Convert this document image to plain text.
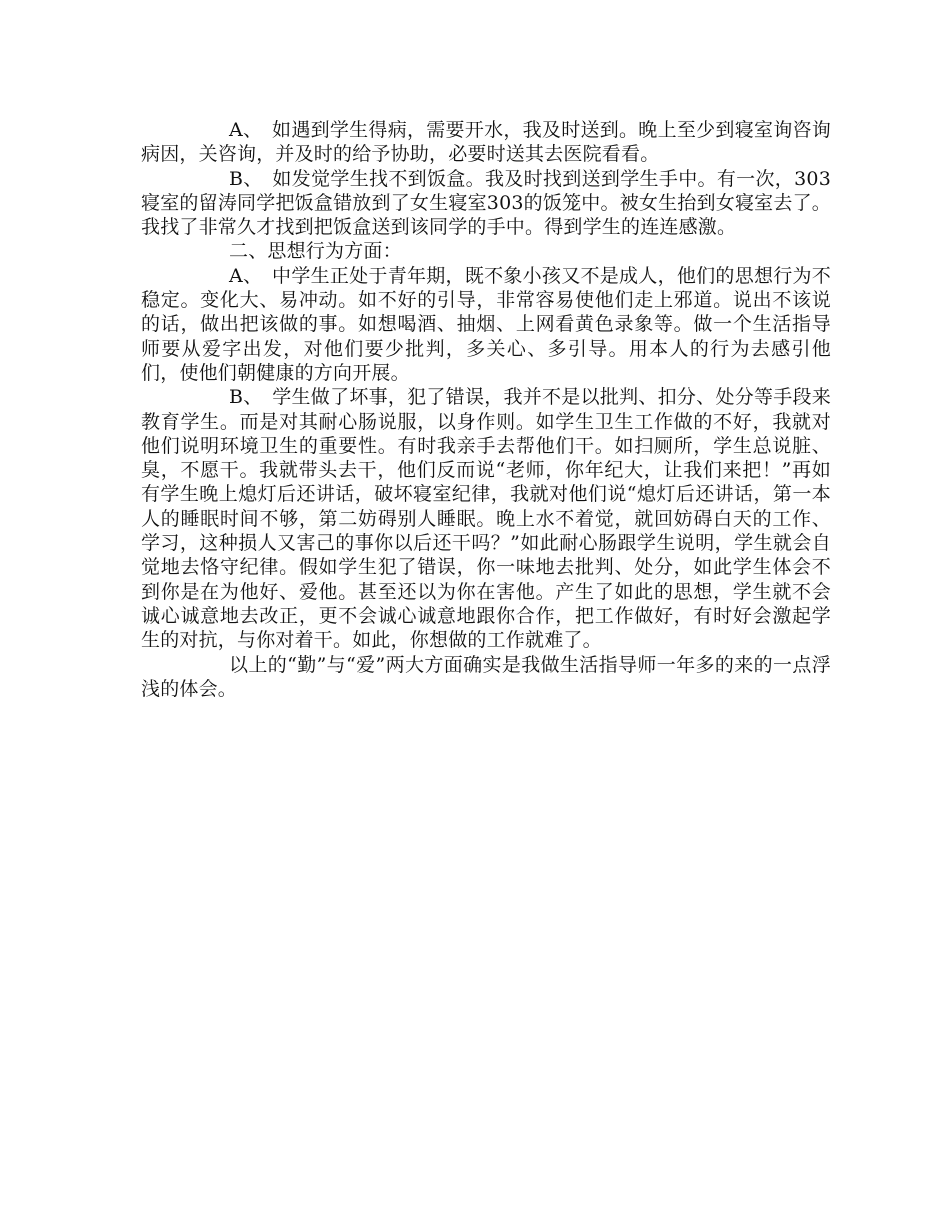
A、　如遇到学生得病，需要开水，我及时送到。晚上至少到寝室询咨询病因，关咨询，并及时的给予协助，必要时送其去医院看看。

B、　如发觉学生找不到饭盒。我及时找到送到学生手中。有一次，303寝室的留涛同学把饭盒错放到了女生寝室303的饭笼中。被女生抬到女寝室去了。我找了非常久才找到把饭盒送到该同学的手中。得到学生的连连感激。

二、思想行为方面：

A、　中学生正处于青年期，既不象小孩又不是成人，他们的思想行为不稳定。变化大、易冲动。如不好的引导，非常容易使他们走上邪道。说出不该说的话，做出把该做的事。如想喝酒、抽烟、上网看黄色录象等。做一个生活指导师要从爱字出发，对他们要少批判，多关心、多引导。用本人的行为去感引他们，使他们朝健康的方向开展。

B、　学生做了坏事，犯了错误，我并不是以批判、扣分、处分等手段来教育学生。而是对其耐心肠说服，以身作则。如学生卫生工作做的不好，我就对他们说明环境卫生的重要性。有时我亲手去帮他们干。如扫厕所，学生总说脏、臭，不愿干。我就带头去干，他们反而说“老师，你年纪大，让我们来把！”再如有学生晚上熄灯后还讲话，破坏寝室纪律，我就对他们说“熄灯后还讲话，第一本人的睡眠时间不够，第二妨碍别人睡眠。晚上水不着觉，就回妨碍白天的工作、学习，这种损人又害己的事你以后还干吗？”如此耐心肠跟学生说明，学生就会自觉地去恪守纪律。假如学生犯了错误，你一味地去批判、处分，如此学生体会不到你是在为他好、爱他。甚至还以为你在害他。产生了如此的思想，学生就不会诚心诚意地去改正，更不会诚心诚意地跟你合作，把工作做好，有时好会激起学生的对抗，与你对着干。如此，你想做的工作就难了。

以上的“勤”与“爱”两大方面确实是我做生活指导师一年多的来的一点浮浅的体会。
